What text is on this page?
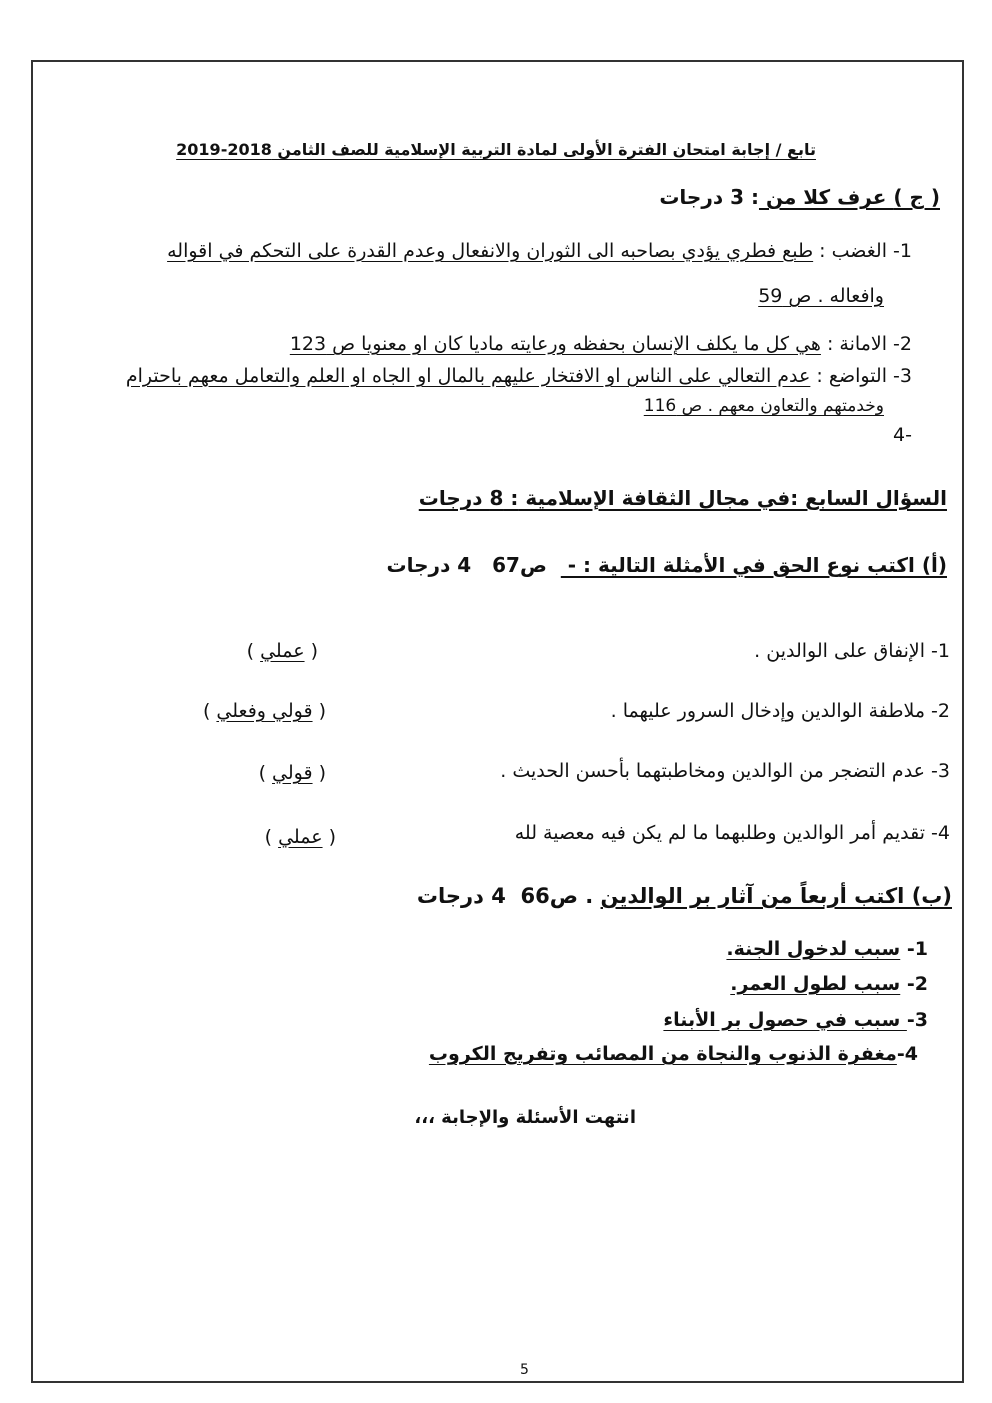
تابع / إجابة امتحان الفترة الأولى لمادة التربية الإسلامية للصف الثامن 2018-2019
( ج ) عرف كلا من : 3 درجات
1- الغضب : طبع فطري يؤدي بصاحبه الى الثوران والانفعال وعدم القدرة على التحكم في اقواله
وافعاله . ص 59
2- الامانة : هي كل ما يكلف الإنسان بحفظه ورعايته ماديا كان او معنويا ص 123
3- التواضع : عدم التعالي على الناس او الافتخار عليهم بالمال او الجاه او العلم والتعامل معهم باحترام
وخدمتهم والتعاون معهم . ص 116
4-
السؤال السابع :في مجال الثقافة الإسلامية : 8 درجات
(أ) اكتب نوع الحق في الأمثلة التالية : -   ص67   4 درجات
1- الإنفاق على الوالدين .
( عملي )
2- ملاطفة الوالدين وإدخال السرور عليهما .
( قولي وفعلي )
3- عدم التضجر من الوالدين ومخاطبتهما بأحسن الحديث .
( قولي )
4- تقديم أمر الوالدين وطلبهما ما لم يكن فيه معصية لله
( عملي )
(ب) اكتب أربعاً من آثار بر الوالدين . ص66  4 درجات
1- سبب لدخول الجنة.
2- سبب لطول العمر.
3- سبب في حصول بر الأبناء
4-مغفرة الذنوب والنجاة من المصائب وتفريج الكروب
انتهت الأسئلة والإجابة ،،،
5
